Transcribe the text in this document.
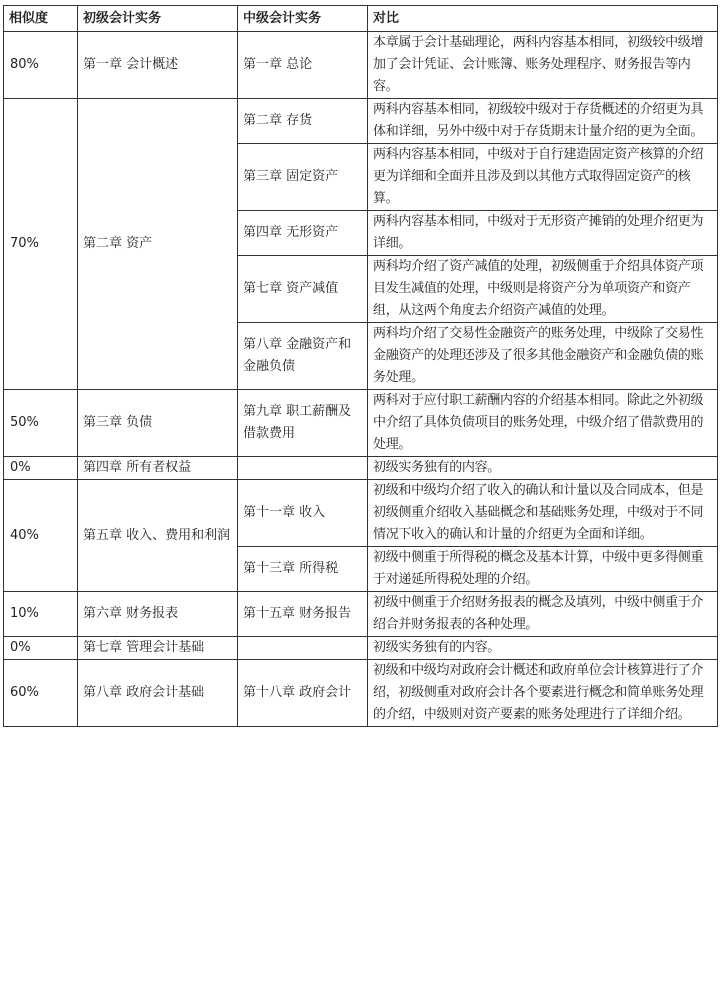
相似度	初级会计实务	中级会计实务	对比
80%	第一章 会计概述	第一章 总论	本章属于会计基础理论，两科内容基本相同，初级较中级增加了会计凭证、会计账簿、账务处理程序、财务报告等内容。
70%	第二章 资产	第二章 存货	两科内容基本相同，初级较中级对于存货概述的介绍更为具体和详细，另外中级中对于存货期末计量介绍的更为全面。
		第三章 固定资产	两科内容基本相同，中级对于自行建造固定资产核算的介绍更为详细和全面并且涉及到以其他方式取得固定资产的核算。
		第四章 无形资产	两科内容基本相同，中级对于无形资产摊销的处理介绍更为详细。
		第七章 资产减值	两科均介绍了资产减值的处理，初级侧重于介绍具体资产项目发生减值的处理，中级则是将资产分为单项资产和资产组，从这两个角度去介绍资产减值的处理。
		第八章 金融资产和金融负债	两科均介绍了交易性金融资产的账务处理，中级除了交易性金融资产的处理还涉及了很多其他金融资产和金融负债的账务处理。
50%	第三章 负债	第九章 职工薪酬及借款费用	两科对于应付职工薪酬内容的介绍基本相同。除此之外初级中介绍了具体负债项目的账务处理，中级介绍了借款费用的处理。
0%	第四章 所有者权益		初级实务独有的内容。
40%	第五章 收入、费用和利润	第十一章 收入	初级和中级均介绍了收入的确认和计量以及合同成本，但是初级侧重介绍收入基础概念和基础账务处理，中级对于不同情况下收入的确认和计量的介绍更为全面和详细。
		第十三章 所得税	初级中侧重于所得税的概念及基本计算，中级中更多得侧重于对递延所得税处理的介绍。
10%	第六章 财务报表	第十五章 财务报告	初级中侧重于介绍财务报表的概念及填列，中级中侧重于介绍合并财务报表的各种处理。
0%	第七章 管理会计基础		初级实务独有的内容。
60%	第八章 政府会计基础	第十八章 政府会计	初级和中级均对政府会计概述和政府单位会计核算进行了介绍，初级侧重对政府会计各个要素进行概念和简单账务处理的介绍，中级则对资产要素的账务处理进行了详细介绍。
